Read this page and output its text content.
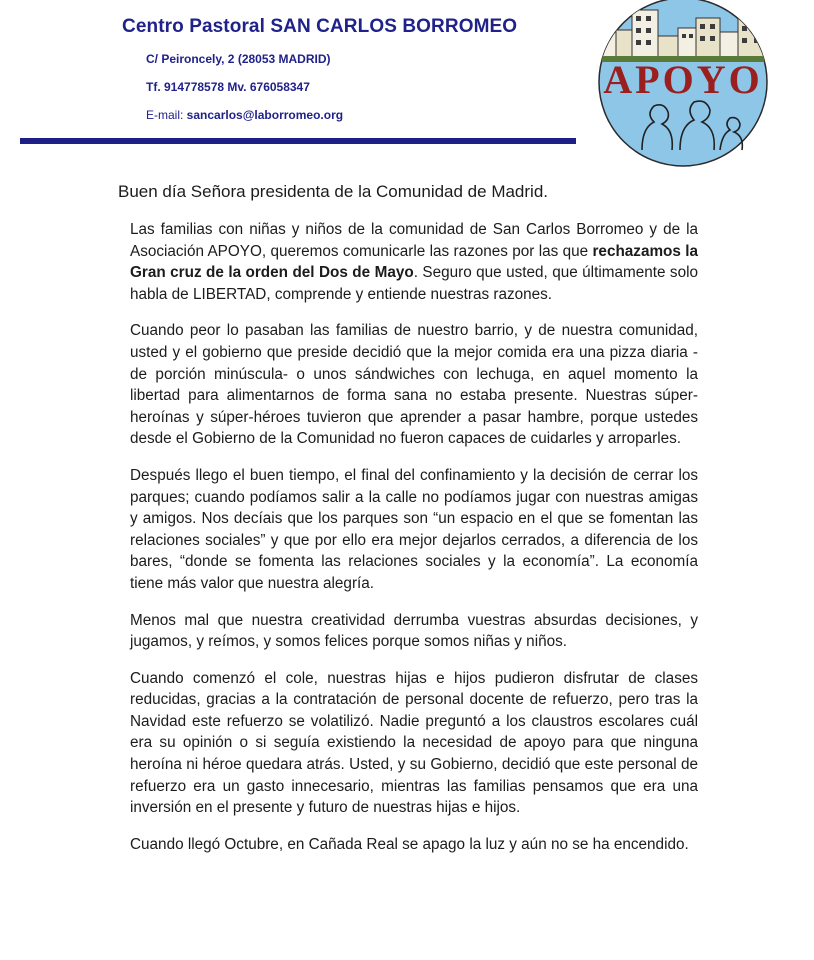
Centro Pastoral SAN CARLOS BORROMEO
C/ Peironcely, 2 (28053 MADRID)
Tf. 914778578 Mv. 676058347
E-mail: sancarlos@laborromeo.org
APOYO
Buen día Señora presidenta de la Comunidad de Madrid.

Las familias con niñas y niños de la comunidad de San Carlos Borromeo y de la Asociación APOYO, queremos comunicarle las razones por las que rechazamos la Gran cruz de la orden del Dos de Mayo. Seguro que usted, que últimamente solo habla de LIBERTAD, comprende y entiende nuestras razones.

Cuando peor lo pasaban las familias de nuestro barrio, y de nuestra comunidad, usted y el gobierno que preside decidió que la mejor comida era una pizza diaria -de porción minúscula- o unos sándwiches con lechuga, en aquel momento la libertad para alimentarnos de forma sana no estaba presente. Nuestras súper-heroínas y súper-héroes tuvieron que aprender a pasar hambre, porque ustedes desde el Gobierno de la Comunidad no fueron capaces de cuidarles y arroparles.

Después llego el buen tiempo, el final del confinamiento y la decisión de cerrar los parques; cuando podíamos salir a la calle no podíamos jugar con nuestras amigas y amigos. Nos decíais que los parques son “un espacio en el que se fomentan las relaciones sociales” y que por ello era mejor dejarlos cerrados, a diferencia de los bares, “donde se fomenta las relaciones sociales y la economía”. La economía tiene más valor que nuestra alegría.

Menos mal que nuestra creatividad derrumba vuestras absurdas decisiones, y jugamos, y reímos, y somos felices porque somos niñas y niños.

Cuando comenzó el cole, nuestras hijas e hijos pudieron disfrutar de clases reducidas, gracias a la contratación de personal docente de refuerzo, pero tras la Navidad este refuerzo se volatilizó. Nadie preguntó a los claustros escolares cuál era su opinión o si seguía existiendo la necesidad de apoyo para que ninguna heroína ni héroe quedara atrás. Usted, y su Gobierno, decidió que este personal de refuerzo era un gasto innecesario, mientras las familias pensamos que era una inversión en el presente y futuro de nuestras hijas e hijos.

Cuando llegó Octubre, en Cañada Real se apago la luz y aún no se ha encendido.
